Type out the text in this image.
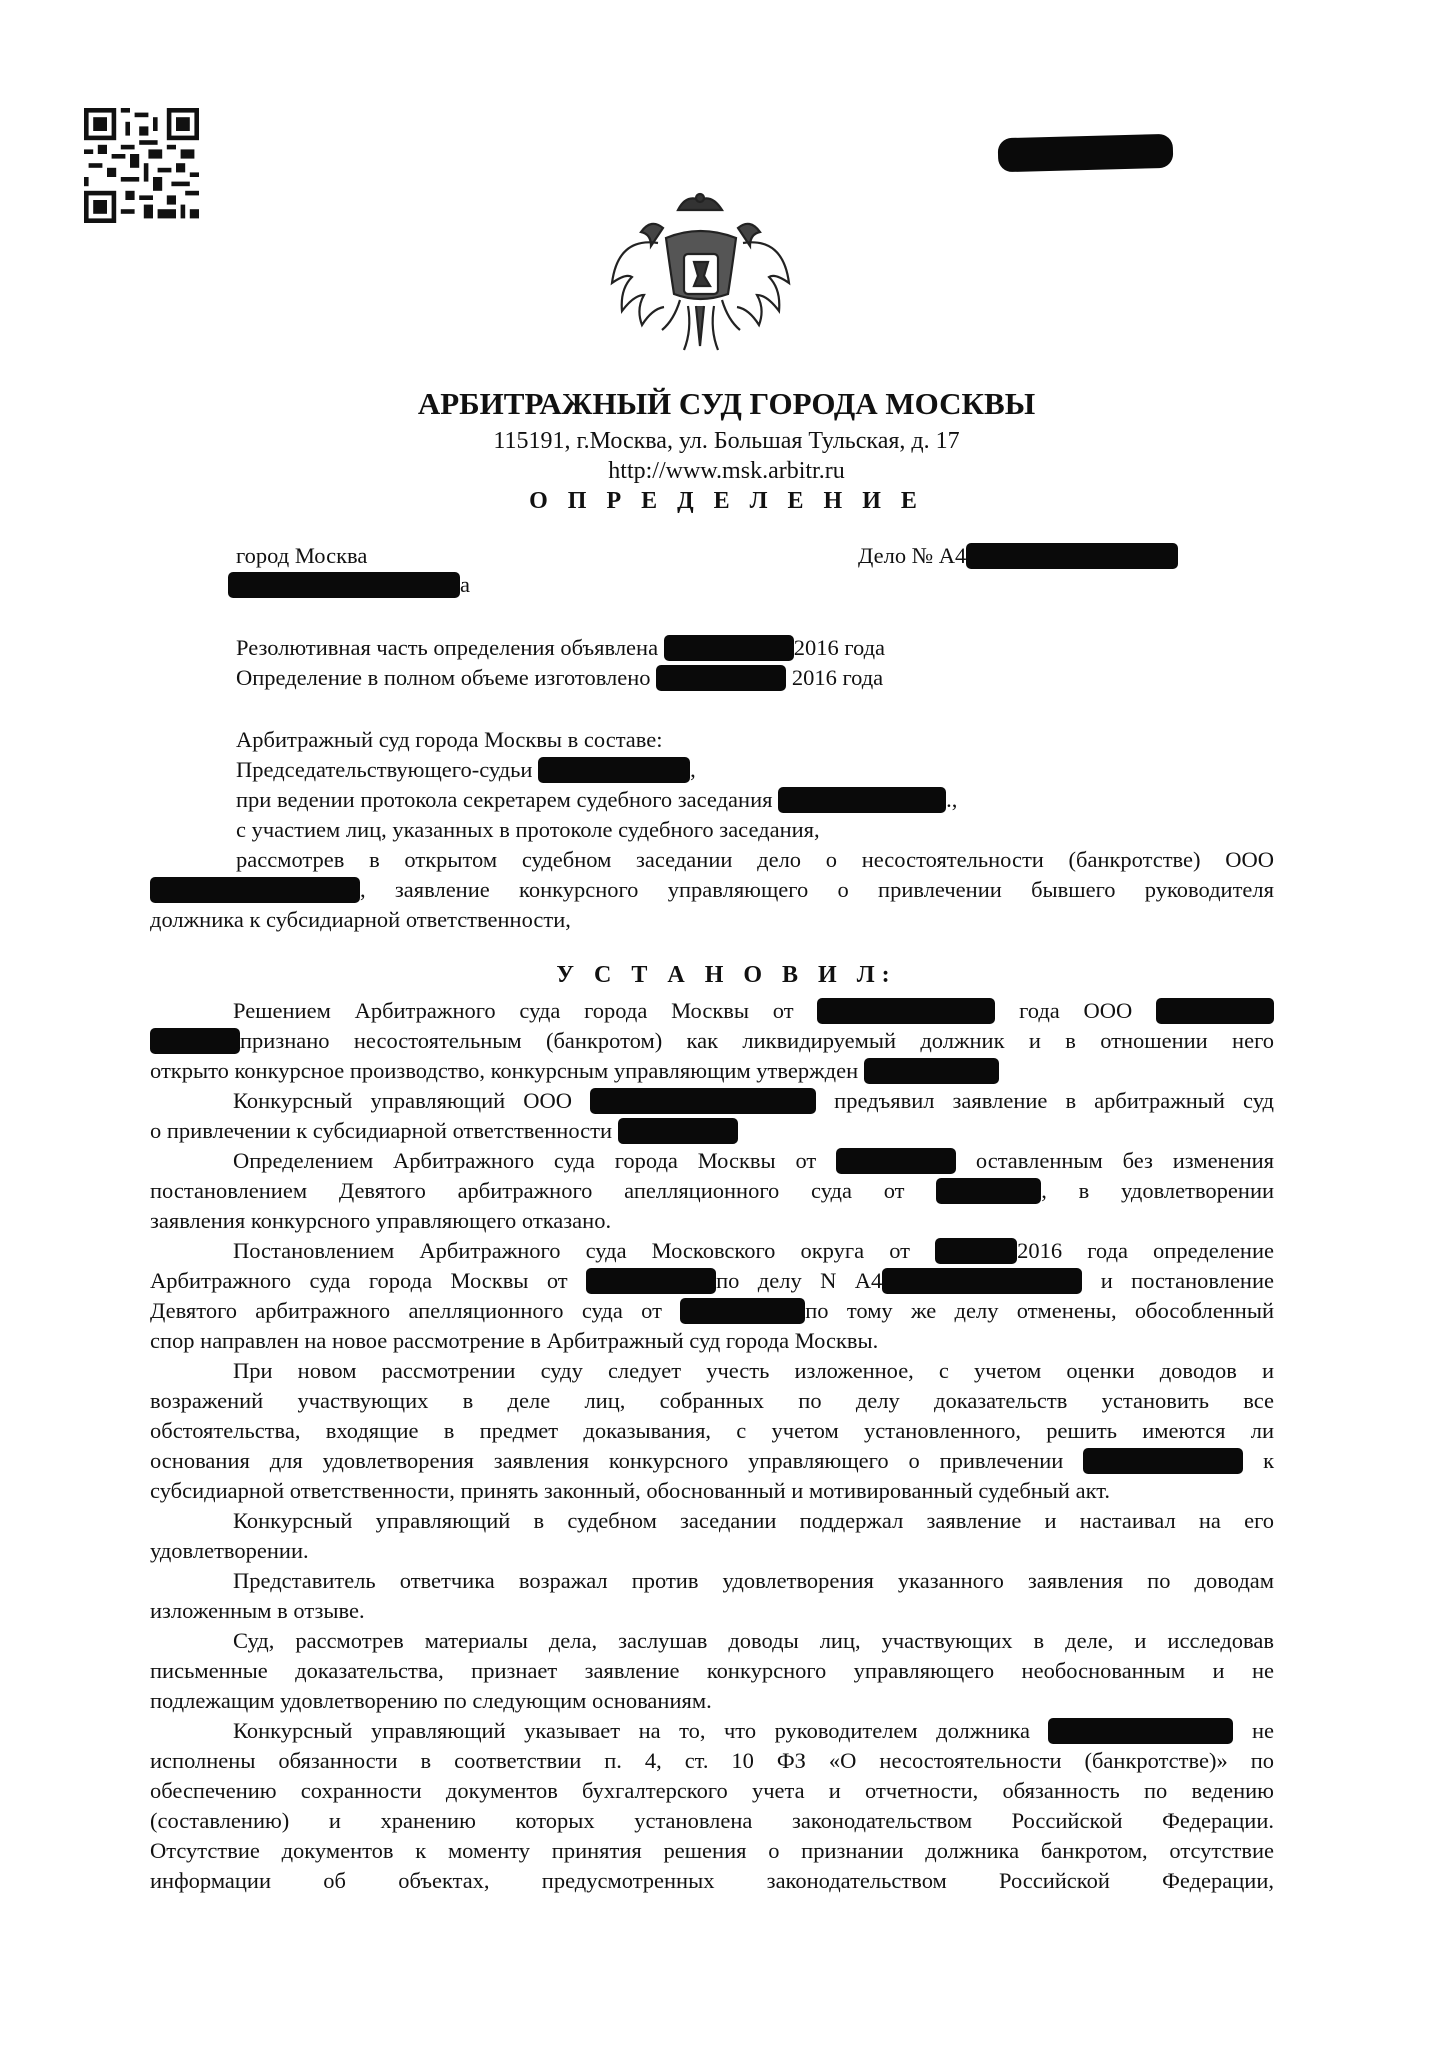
АРБИТРАЖНЫЙ СУД ГОРОДА МОСКВЫ
115191, г.Москва, ул. Большая Тульская, д. 17
http://www.msk.arbitr.ru
О П Р Е Д Е Л Е Н И Е
город Москва
а
Дело № А4
Резолютивная часть определения объявлена	2016 года
Определение в полном объеме изготовлено	2016 года
Арбитражный суд города Москвы в составе:
Председательствующего-судьи	,
при ведении протокола секретарем судебного заседания	.,
с участием лиц, указанных в протоколе судебного заседания,
рассмотрев в открытом судебном заседании дело о несостоятельности (банкротстве) ООО
, заявление конкурсного управляющего о привлечении бывшего руководителя
должника к субсидиарной ответственности,
У С Т А Н О В И Л:
Решением Арбитражного суда города Москвы от	года ООО
признано несостоятельным (банкротом) как ликвидируемый должник и в отношении него
открыто конкурсное производство, конкурсным управляющим утвержден
Конкурсный управляющий ООО	предъявил заявление в арбитражный суд
о привлечении к субсидиарной ответственности
Определением Арбитражного суда города Москвы от	оставленным без изменения
постановлением Девятого арбитражного апелляционного суда от	, в удовлетворении
заявления конкурсного управляющего отказано.
Постановлением Арбитражного суда Московского округа от	2016 года определение
Арбитражного суда города Москвы от	по делу N А4	и постановление
Девятого арбитражного апелляционного суда от	по тому же делу отменены, обособленный
спор направлен на новое рассмотрение в Арбитражный суд города Москвы.
При новом рассмотрении суду следует учесть изложенное, с учетом оценки доводов и
возражений участвующих в деле лиц, собранных по делу доказательств установить все
обстоятельства, входящие в предмет доказывания, с учетом установленного, решить имеются ли
основания для удовлетворения заявления конкурсного управляющего о привлечении	к
субсидиарной ответственности, принять законный, обоснованный и мотивированный судебный акт.
Конкурсный управляющий в судебном заседании поддержал заявление и настаивал на его
удовлетворении.
Представитель ответчика возражал против удовлетворения указанного заявления по доводам
изложенным в отзыве.
Суд, рассмотрев материалы дела, заслушав доводы лиц, участвующих в деле, и исследовав
письменные доказательства, признает заявление конкурсного управляющего необоснованным и не
подлежащим удовлетворению по следующим основаниям.
Конкурсный управляющий указывает на то, что руководителем должника	не
исполнены обязанности в соответствии п. 4, ст. 10 ФЗ «О несостоятельности (банкротстве)» по
обеспечению сохранности документов бухгалтерского учета и отчетности, обязанность по ведению
(составлению) и хранению которых установлена законодательством Российской Федерации.
Отсутствие документов к моменту принятия решения о признании должника банкротом, отсутствие
информации об объектах, предусмотренных законодательством Российской Федерации,
